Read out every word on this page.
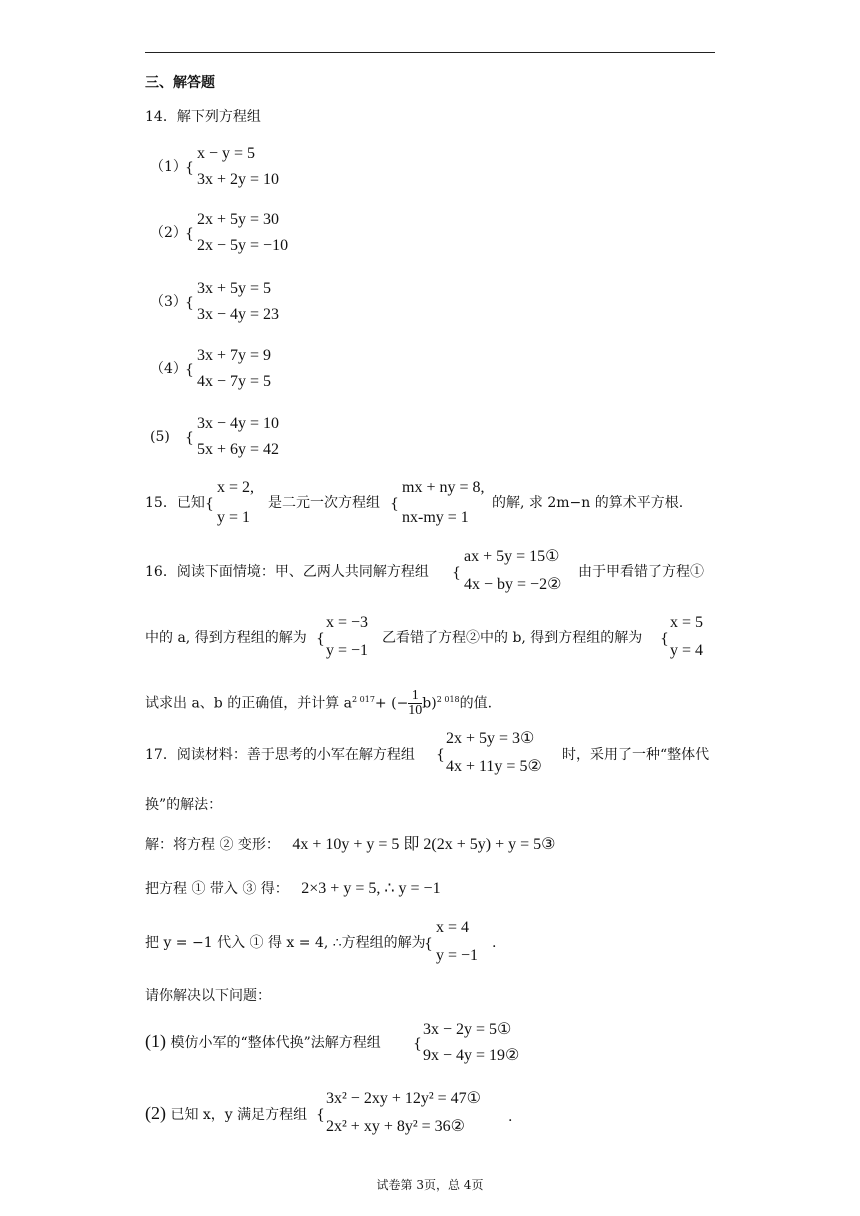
三、解答题
14．解下列方程组
（1）
{
x − y = 5
3x + 2y = 10
（2）
{
2x + 5y = 30
2x − 5y = −10
（3）
{
3x + 5y = 5
3x − 4y = 23
（4）
{
3x + 7y = 9
4x − 7y = 5
(5) {
3x − 4y = 10
5x + 6y = 42
15．已知 {
x = 2,
y = 1
是二元一次方程组 {
mx + ny = 8,
nx-my = 1
的解, 求 2m−n 的算术平方根.
16．阅读下面情境：甲、乙两人共同解方程组 {
ax + 5y = 15①
4x − by = −2②
由于甲看错了方程①
中的 a, 得到方程组的解为 {
x = −3
y = −1
乙看错了方程②中的 b, 得到方程组的解为 {
x = 5
y = 4
试求出 a、b 的正确值，并计算 $a^{2 017}+$ (− $\frac{1}{10} b)^{2 018}$的值.
17．阅读材料：善于思考的小军在解方程组 {
2x + 5y = 3①
4x + 11y = 5②
时，采用了一种“整体代
换”的解法：
解：将方程 ② 变形： 4x + 10y + y = 5 即 2(2x + 5y) + y = 5③
把方程 ① 带入 ③ 得： 2×3 + y = 5, ∴ y = −1
把 y = −1 代入 ① 得 x = 4, ∴方程组的解为
{
x = 4
y = −1
.
请你解决以下问题：
(1) 模仿小军的“整体代换”法解方程组 {
3x − 2y = 5①
9x − 4y = 19②
(2) 已知 x，y 满足方程组 {
3x² − 2xy + 12y² = 47①
2x² + xy + 8y² = 36②
.
试卷第 3页，总 4页
